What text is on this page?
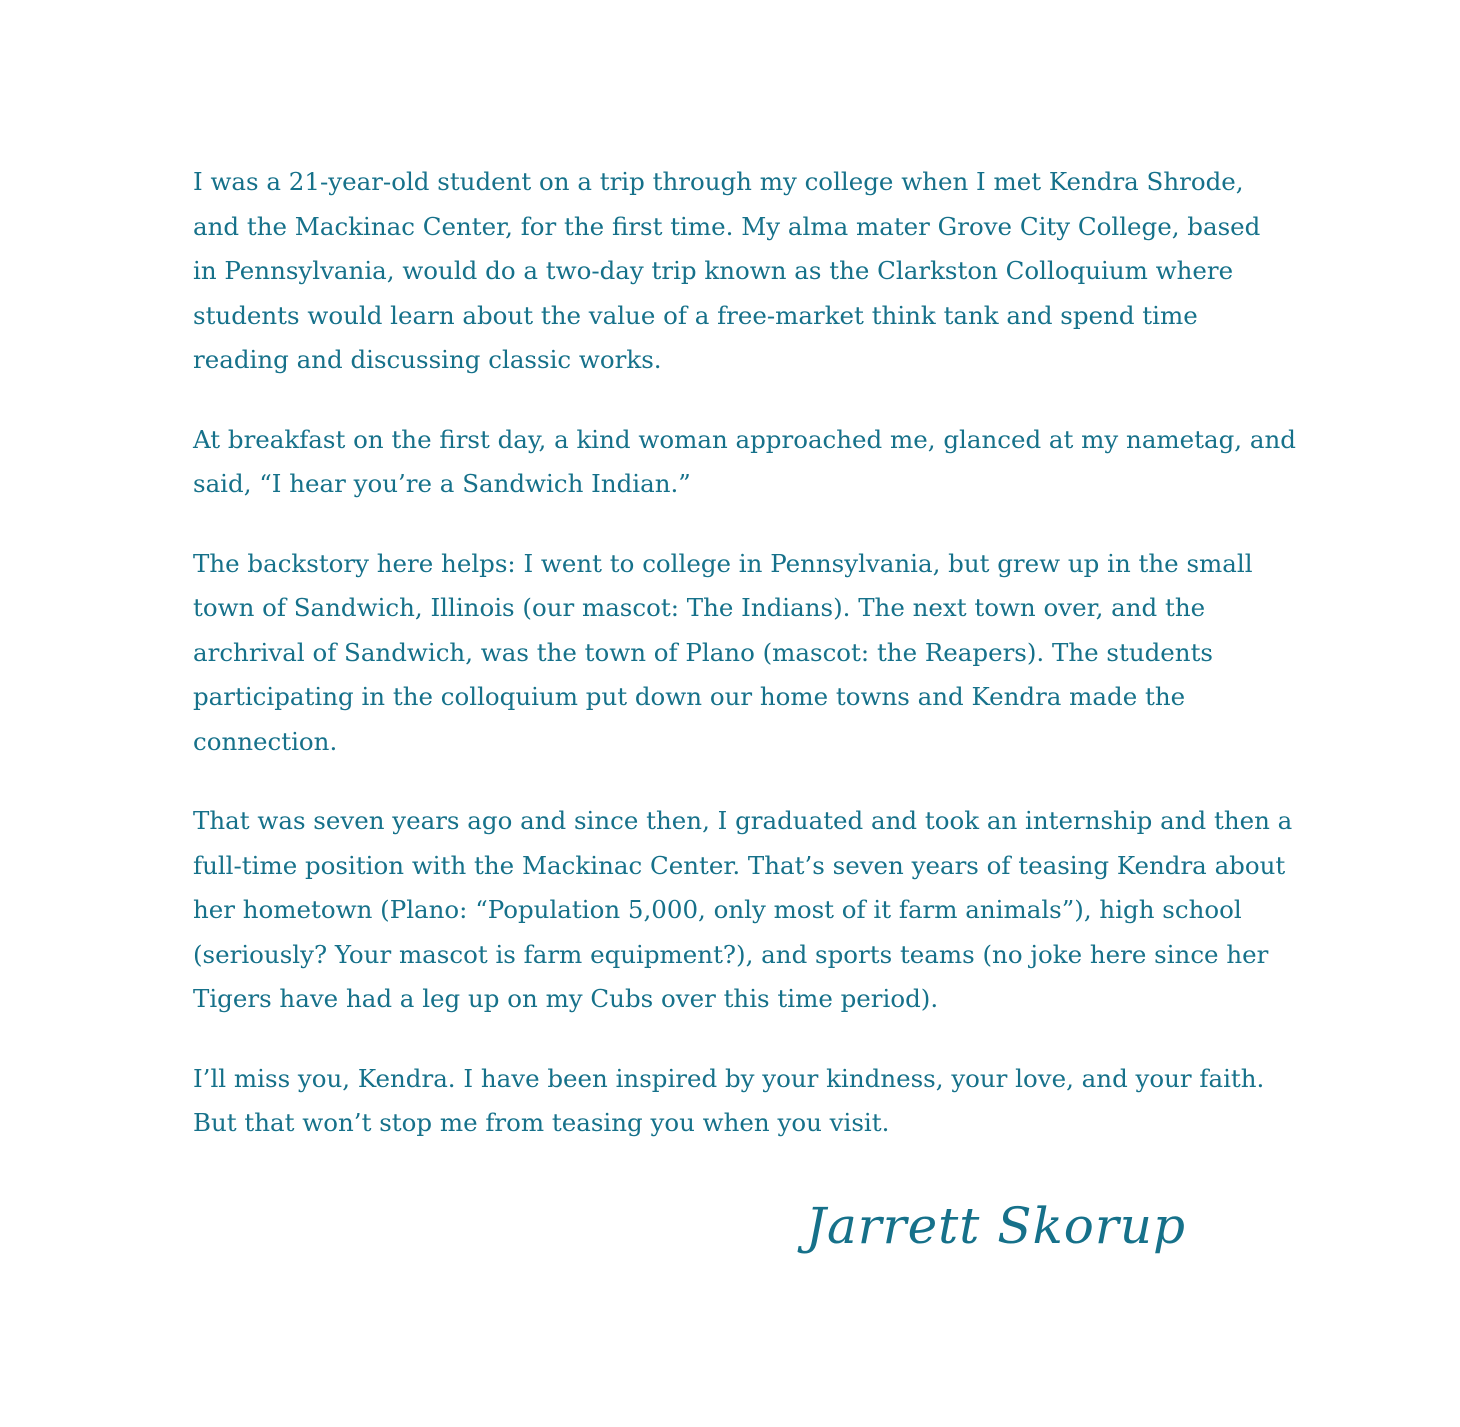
I was a 21-year-old student on a trip through my college when I met Kendra Shrode,
and the Mackinac Center, for the first time. My alma mater Grove City College, based
in Pennsylvania, would do a two-day trip known as the Clarkston Colloquium where
students would learn about the value of a free-market think tank and spend time
reading and discussing classic works.
At breakfast on the first day, a kind woman approached me, glanced at my nametag, and
said, “I hear you’re a Sandwich Indian.”
The backstory here helps: I went to college in Pennsylvania, but grew up in the small
town of Sandwich, Illinois (our mascot: The Indians). The next town over, and the
archrival of Sandwich, was the town of Plano (mascot: the Reapers). The students
participating in the colloquium put down our home towns and Kendra made the
connection.
That was seven years ago and since then, I graduated and took an internship and then a
full-time position with the Mackinac Center. That’s seven years of teasing Kendra about
her hometown (Plano: “Population 5,000, only most of it farm animals”), high school
(seriously? Your mascot is farm equipment?), and sports teams (no joke here since her
Tigers have had a leg up on my Cubs over this time period).
I’ll miss you, Kendra. I have been inspired by your kindness, your love, and your faith.
But that won’t stop me from teasing you when you visit.
Jarrett Skorup
